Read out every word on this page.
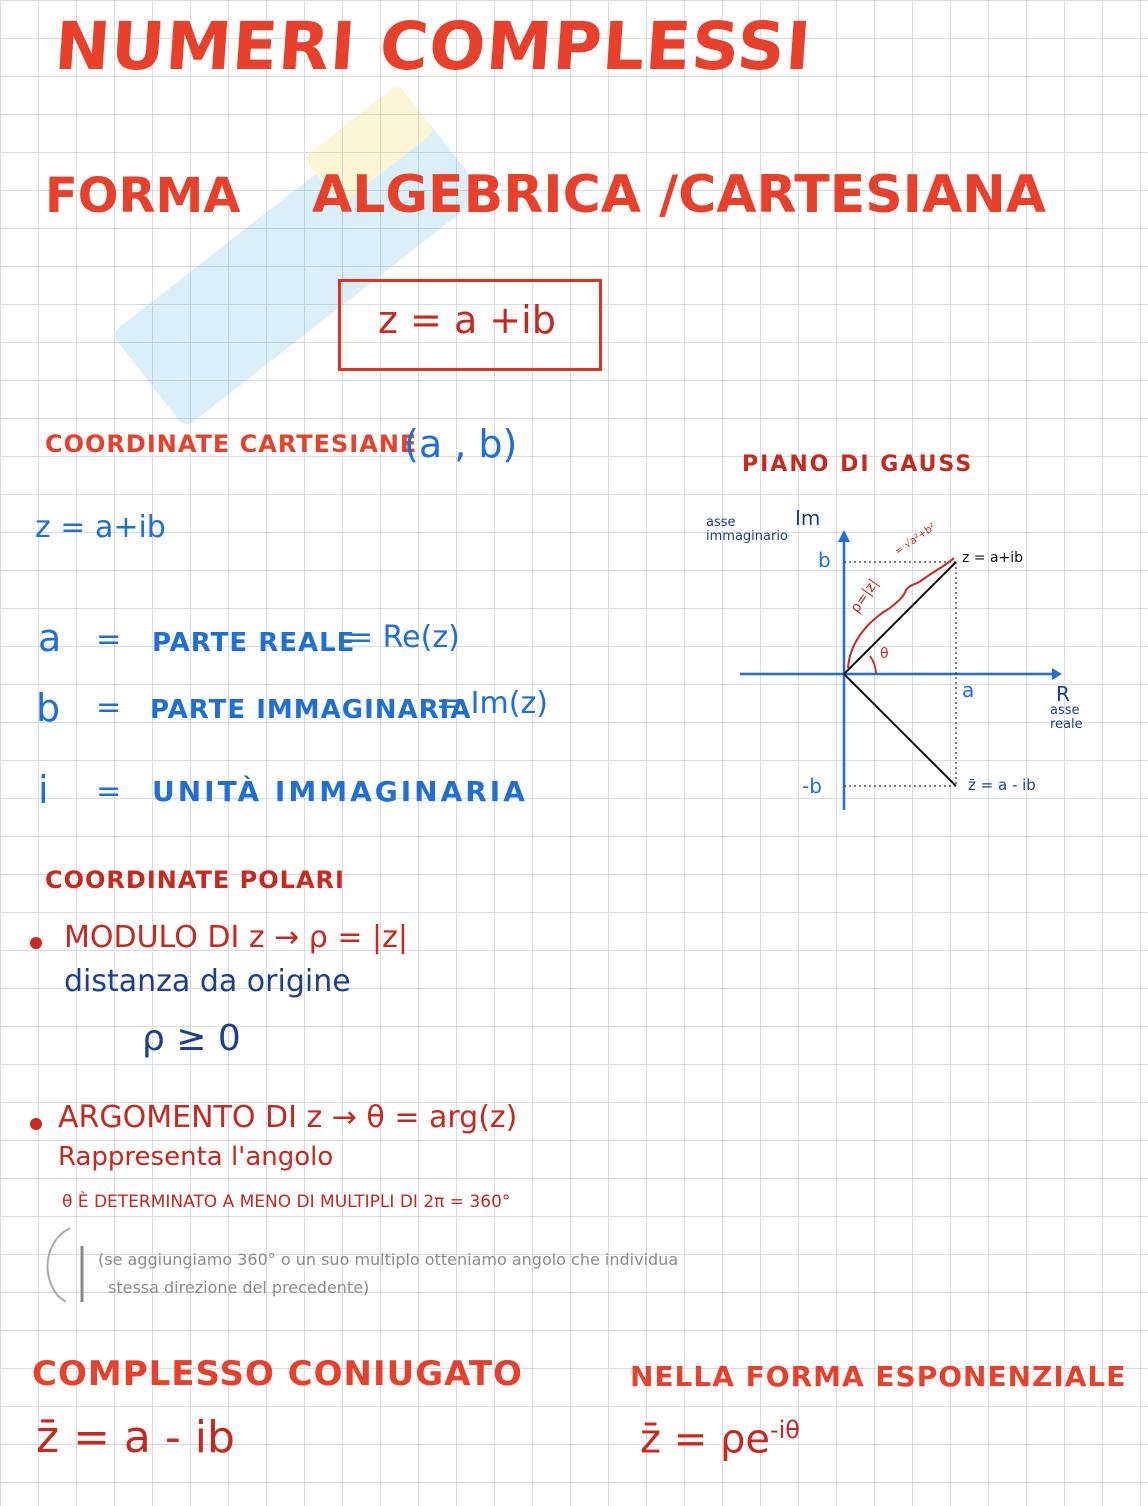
NUMERI COMPLESSI
FORMA ALGEBRICA /CARTESIANA
z = a +ib
COORDINATE CARTESIANE
(a , b)
z = a+ib
a = PARTE REALE
= Re(z)
b = PARTE IMMAGINARIA
= Im(z)
i = UNITÀ IMMAGINARIA
PIANO DI GAUSS
Im
asse immaginario
b
-b
a	R
asse reale
z = a+ib
z̄ = a - ib
ρ=|z|
= √a²+b²
θ
COORDINATE POLARI
MODULO DI z → ρ = |z|
distanza da origine
ρ ≥ 0
ARGOMENTO DI z → θ = arg(z)
Rappresenta l'angolo
θ È DETERMINATO A MENO DI MULTIPLI DI 2π = 360°
(se aggiungiamo 360° o un suo multiplo otteniamo angolo che individua
stessa direzione del precedente)
COMPLESSO CONIUGATO
z̄ = a - ib
NELLA FORMA ESPONENZIALE
z̄ = $\rho e^{-i\theta}$
